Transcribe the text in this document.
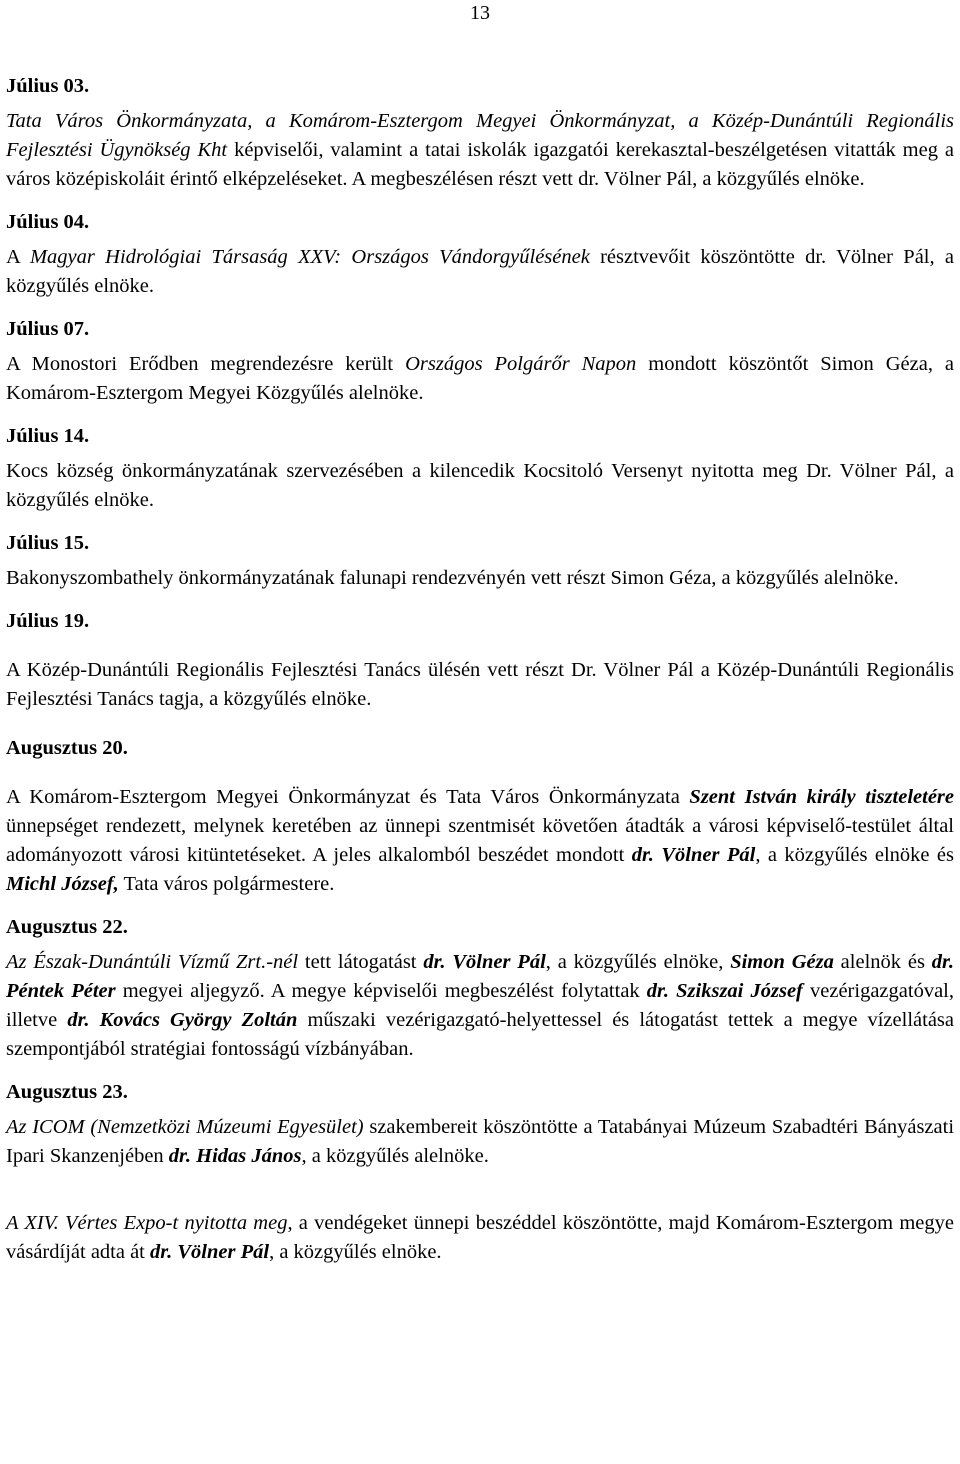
13
Július 03.

Tata Város Önkormányzata, a Komárom-Esztergom Megyei Önkormányzat, a Közép-Dunántúli Regionális Fejlesztési Ügynökség Kht képviselői, valamint a tatai iskolák igazgatói kerekasztal-beszélgetésen vitatták meg a város középiskoláit érintő elképzeléseket. A megbeszélésen részt vett dr. Völner Pál, a közgyűlés elnöke.

Július 04.

A Magyar Hidrológiai Társaság XXV: Országos Vándorgyűlésének résztvevőit köszöntötte dr. Völner Pál, a közgyűlés elnöke.

Július 07.

A Monostori Erődben megrendezésre került Országos Polgárőr Napon mondott köszöntőt Simon Géza, a Komárom-Esztergom Megyei Közgyűlés alelnöke.

Július 14.

Kocs község önkormányzatának szervezésében a kilencedik Kocsitoló Versenyt nyitotta meg Dr. Völner Pál, a közgyűlés elnöke.

Július 15.

Bakonyszombathely önkormányzatának falunapi rendezvényén vett részt Simon Géza, a közgyűlés alelnöke.

Július 19.

A Közép-Dunántúli Regionális Fejlesztési Tanács ülésén vett részt Dr. Völner Pál a Közép-Dunántúli Regionális Fejlesztési Tanács tagja, a közgyűlés elnöke.

Augusztus 20.

A Komárom-Esztergom Megyei Önkormányzat és Tata Város Önkormányzata Szent István király tiszteletére ünnepséget rendezett, melynek keretében az ünnepi szentmisét követően átadták a városi képviselő-testület által adományozott városi kitüntetéseket. A jeles alkalomból beszédet mondott dr. Völner Pál, a közgyűlés elnöke és Michl József, Tata város polgármestere.

Augusztus 22.

Az Észak-Dunántúli Vízmű Zrt.-nél tett látogatást dr. Völner Pál, a közgyűlés elnöke, Simon Géza alelnök és dr. Péntek Péter megyei aljegyző. A megye képviselői megbeszélést folytattak dr. Szikszai József vezérigazgatóval, illetve dr. Kovács György Zoltán műszaki vezérigazgató-helyettessel és látogatást tettek a megye vízellátása szempontjából stratégiai fontosságú vízbányában.

Augusztus 23.

Az ICOM (Nemzetközi Múzeumi Egyesület) szakembereit köszöntötte a Tatabányai Múzeum Szabadtéri Bányászati Ipari Skanzenjében dr. Hidas János, a közgyűlés alelnöke.

A XIV. Vértes Expo-t nyitotta meg, a vendégeket ünnepi beszéddel köszöntötte, majd Komárom-Esztergom megye vásárdíját adta át dr. Völner Pál, a közgyűlés elnöke.
